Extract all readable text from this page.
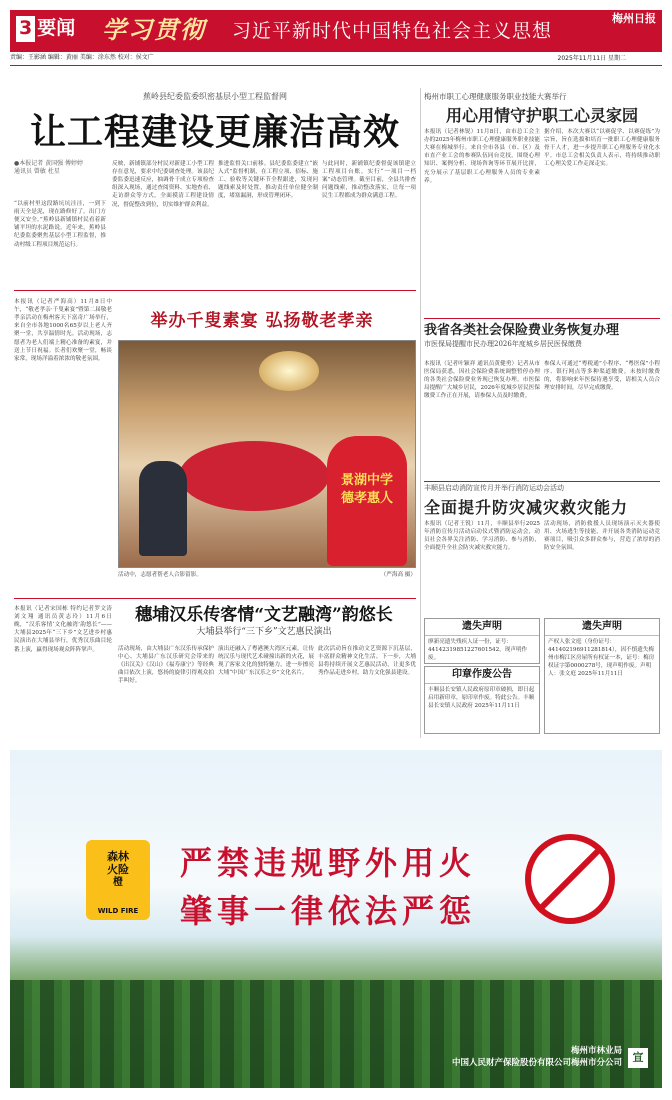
3 要闻 学习贯彻 习近平新时代中国特色社会主义思想
梅州日报
责编：王影涵 编辑：黄丽 美编：涂东然 校对：侯文广	2025年11月11日 星期二
蕉岭县纪委监委织密基层小型工程监督网
让工程建设更廉洁高效
●本报记者 黄国强 傅婷婷
通讯员 曾敏 杜星
“以前村里这段路坑坑洼洼，一到下雨天全是泥，现在路修好了，出门方便又安全。”蕉岭县新铺镇村民看着新铺平坦的水泥路说。近年来，蕉岭县纪委监委聚焦基层小型工程监督，推动村级工程项目规范运行。
反映，新铺镇部分村民对新建工小型工程存在意见，要求中纪委调查处理。该县纪委监委迅速反应，抽调骨干成立专项检查组深入现场，通过查阅资料、实地查看、走访群众等方式，全面摸清工程建设情况，督促整改到位，切实维护群众利益。
推进监督关口前移。县纪委监委建立“嵌入式”监督机制，在工程立项、招标、施工、验收等关键环节全程跟进，发现问题线索及时处置，推动责任单位健全制度，堵塞漏洞，形成管理闭环。
与此同时，新铺镇纪委督促该镇建立工程项目台账，实行“一项目一档案”动态管理。截至目前，全县共排查问题线索，推动整改落实，让每一项民生工程都成为群众满意工程。
举办千叟素宴 弘扬敬老孝亲
本报讯（记者严海高）11月8日中午，“敬老孝亲·千叟素宴”暨第二届敬老孝亲活动在梅州客天下富奇广场举行，来自全市各地1000名65岁以上老人齐聚一堂，共享温情时光。活动现场，志愿者为老人们端上精心准备的素宴，并送上节日祝福。长者们欢聚一堂，畅谈家常，现场洋溢着浓浓的敬老氛围。
景湖中学
德孝惠人
活动中，志愿者帮老人合影留影。	（严海高 摄）
本报讯（记者宋国栋 特约记者罗文涛 刘文翔 通讯员黄志玲）11月6日晚，“汉乐客情‘文化融湾’韵悠长”——大埔县2025年“三下乡”文艺进乡村惠民演出在大埔县举行，优秀汉乐曲目轮番上演，赢得现场观众阵阵掌声。
穗埔汉乐传客情“文艺融湾”韵悠长
大埔县举行“三下乡”文艺惠民演出
活动现场，由大埔县广东汉乐传承保护中心、大埔县广东汉乐研究会带来的《出汉关》《汉山》《福寿康宁》等经典曲目依次上演，悠扬的旋律引得观众拍手叫好。
演出还融入了粤港澳大湾区元素，让传统汉乐与现代艺术碰撞出新的火花，展现了客家文化的独特魅力，进一步擦亮大埔“中国广东汉乐之乡”文化名片。
此次活动旨在推动文艺资源下沉基层，丰富群众精神文化生活。下一步，大埔县将持续开展文艺惠民活动，让更多优秀作品走进乡村，助力文化强县建设。
梅州市职工心理健康服务职业技能大赛举行
用心用情守护职工心灵家园
本报讯（记者林锐）11月8日，由市总工会主办的2025年梅州市职工心理健康服务职业技能大赛在梅城举行。来自全市各县（市、区）及市直产业工会的参赛队伍同台竞技，围绕心理知识、案例分析、现场咨询等环节展开比拼，充分展示了基层职工心理服务人员的专业素养。
据介绍，本次大赛以“以赛促学、以赛促练”为宗旨，旨在选拔和培育一批职工心理健康服务骨干人才，进一步提升职工心理服务专业化水平。市总工会相关负责人表示，将持续推动职工心理关爱工作走深走实。
我省各类社会保险费业务恢复办理
市医保局提醒市民办理2026年度城乡居民医保缴费
本报讯（记者叶颖祥 通讯员黄健勇）记者从市医保局获悉，因社会保险费系统调整暂停办理的各类社会保险费业务现已恢复办理。市医保局提醒广大城乡居民，2026年度城乡居民医保缴费工作正在开展，请参保人员及时缴费。
参保人可通过“粤税通”小程序、“粤医保”小程序、银行网点等多种渠道缴费。未按时缴费的，将影响来年医保待遇享受，请相关人员合理安排时间，尽早完成缴费。
丰顺县启动消防宣传月并举行消防运动会活动
全面提升防灾减灾救灾能力
本报讯（记者王锐）11月，丰顺县举行2025年消防宣传月活动启动仪式暨消防运动会，动员社会各界关注消防、学习消防、参与消防，全面提升全社会防灾减灾救灾能力。
活动现场，消防救援人员现场演示灭火器使用、火场逃生等技能，并开展各类消防运动竞赛项目，吸引众多群众参与，营造了浓厚的消防安全氛围。
遗失声明
廖新亮遗失残疾人证一份，证号：44142319851227601542，现声明作废。
印章作废公告
丰顺县长安镇人民政府原印章破损，即日起启用新印章，原印章作废。特此公告。丰顺县长安镇人民政府 2025年11月11日
遗失声明
产权人张文庭（身份证号：441402196911281814），因不慎遗失梅州市梅江区房屋所有权证一本，证号：梅房权证字第0000278号，现声明作废。声明人：张文庭 2025年11月11日
森林
火险
橙
WILD FIRE
严禁违规野外用火
肇事一律依法严惩
梅州市林业局
中国人民财产保险股份有限公司梅州市分公司 宣
